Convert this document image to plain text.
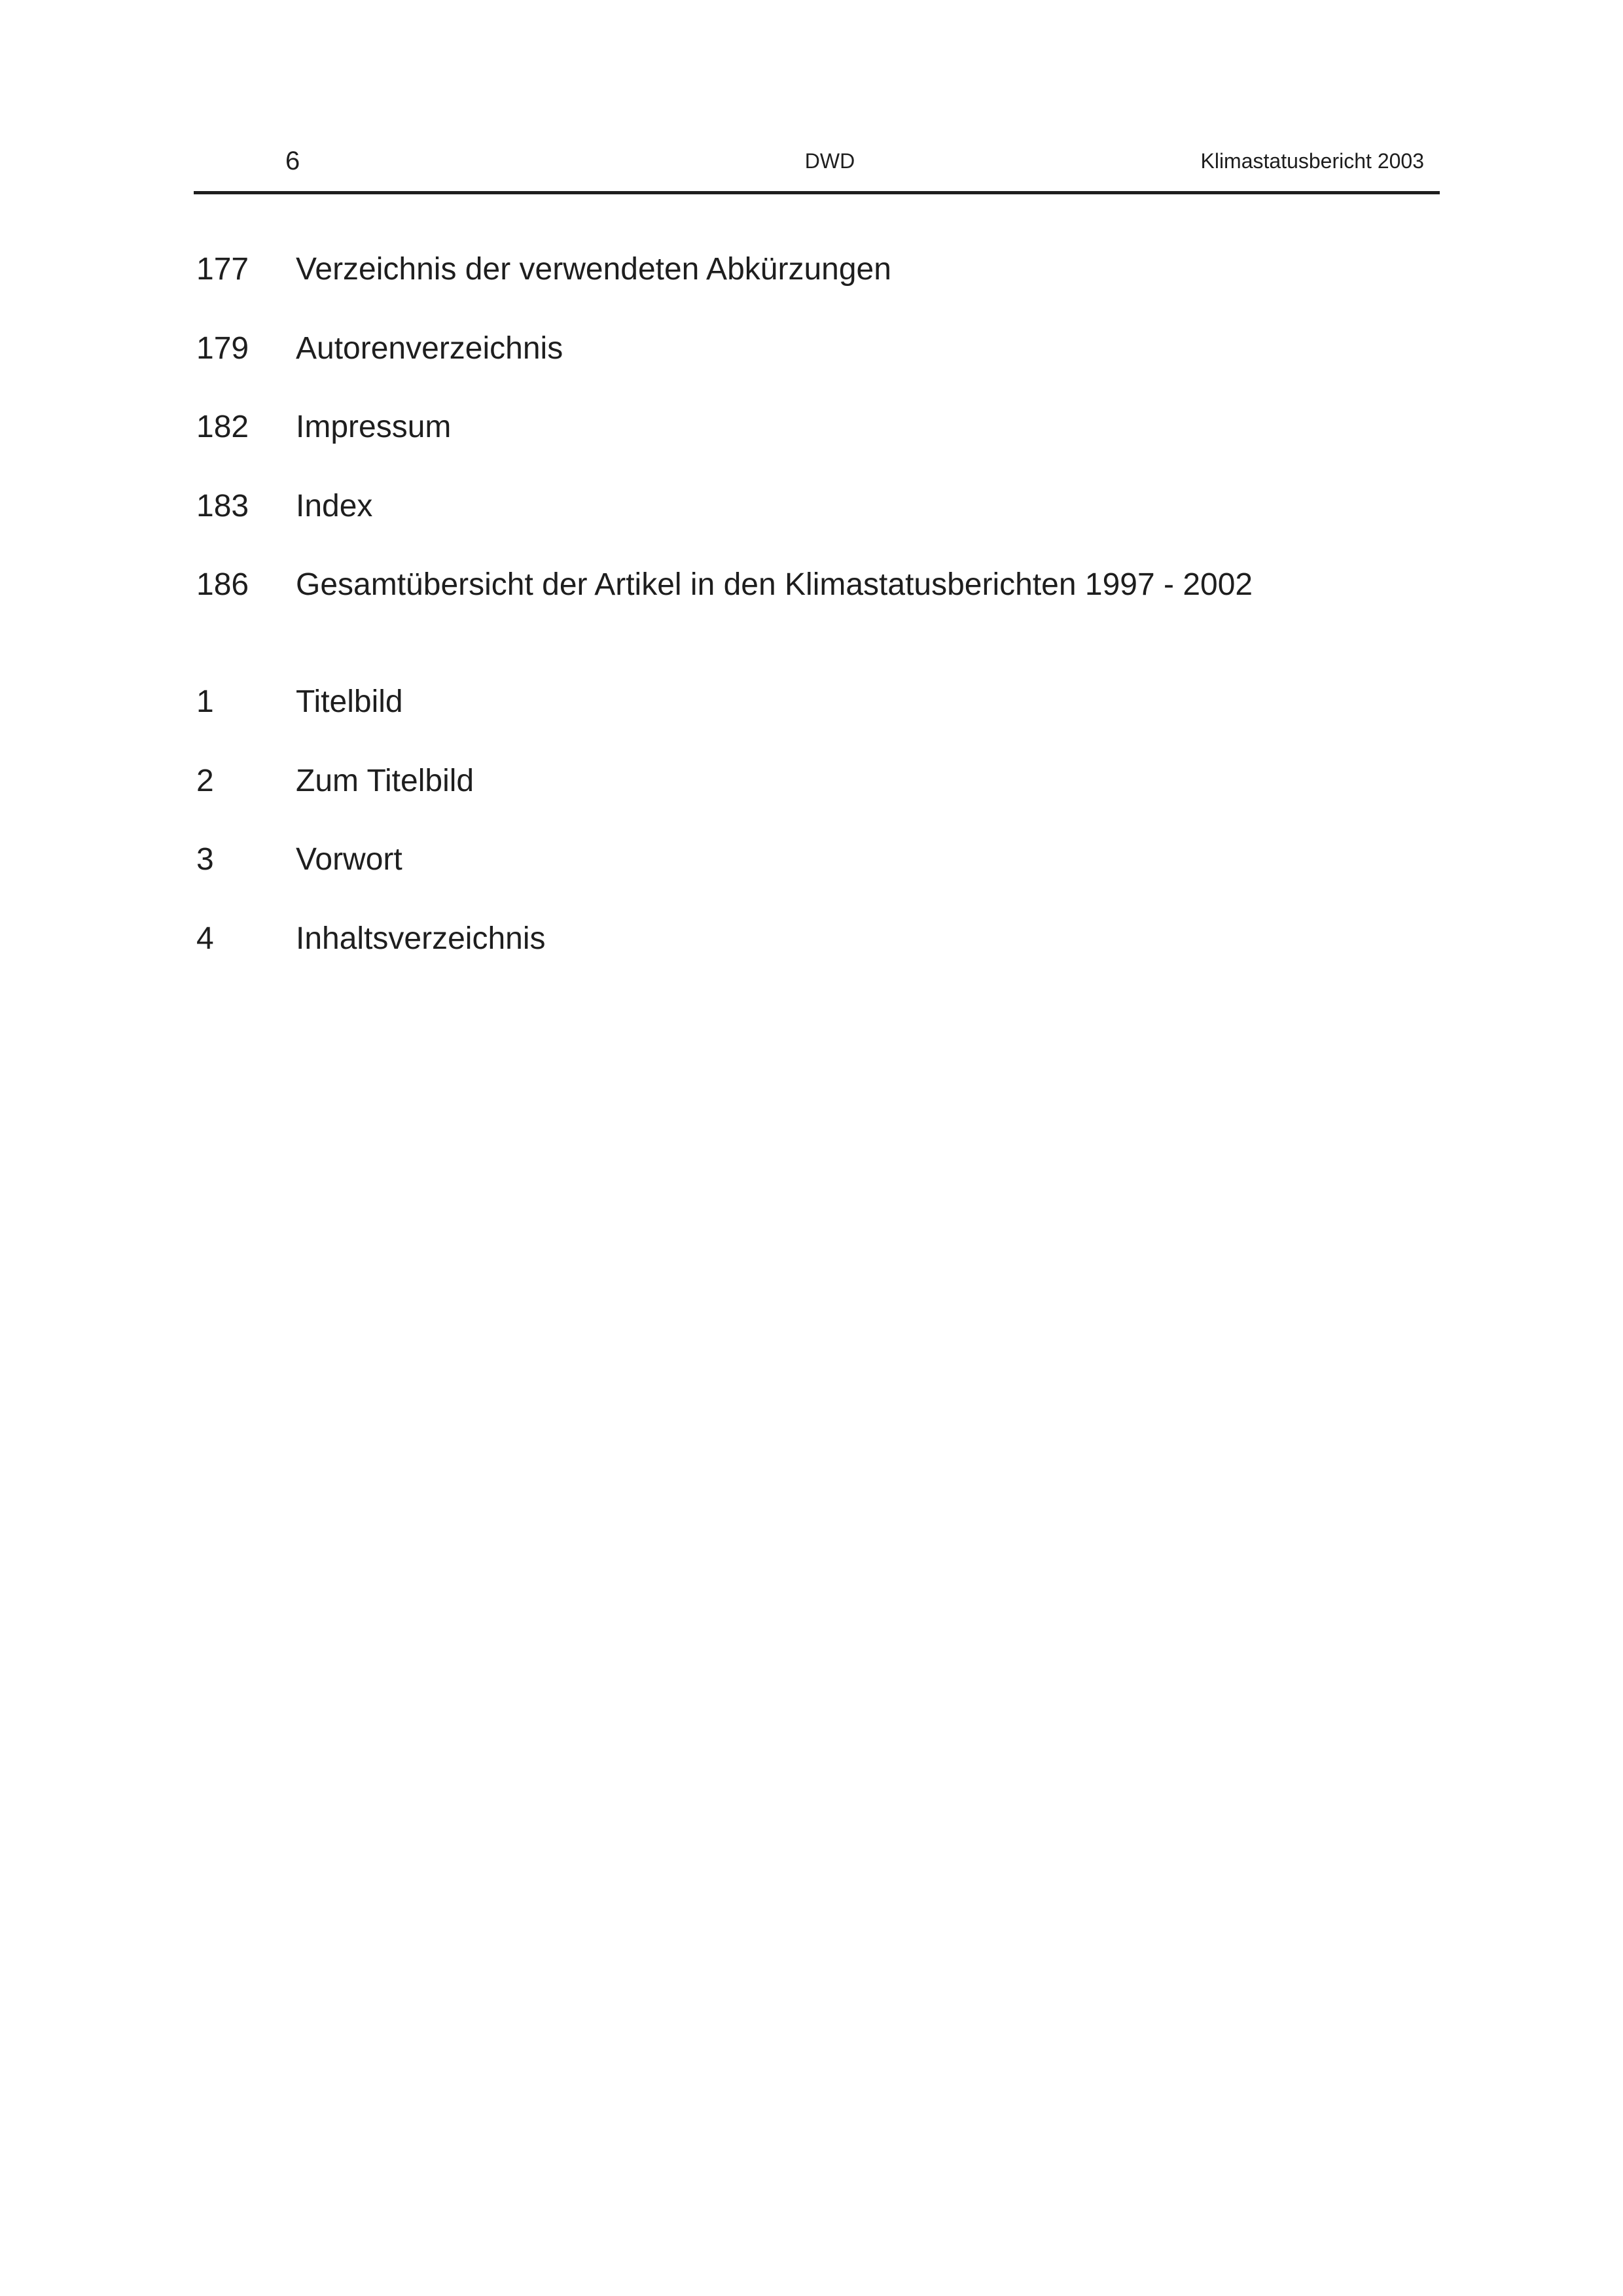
6	DWD	Klimastatusbericht 2003
177 Verzeichnis der verwendeten Abkürzungen
179 Autorenverzeichnis
182 Impressum
183 Index
186 Gesamtübersicht der Artikel in den Klimastatusberichten 1997 - 2002
1	Titelbild
2	Zum Titelbild
3	Vorwort
4	Inhaltsverzeichnis
